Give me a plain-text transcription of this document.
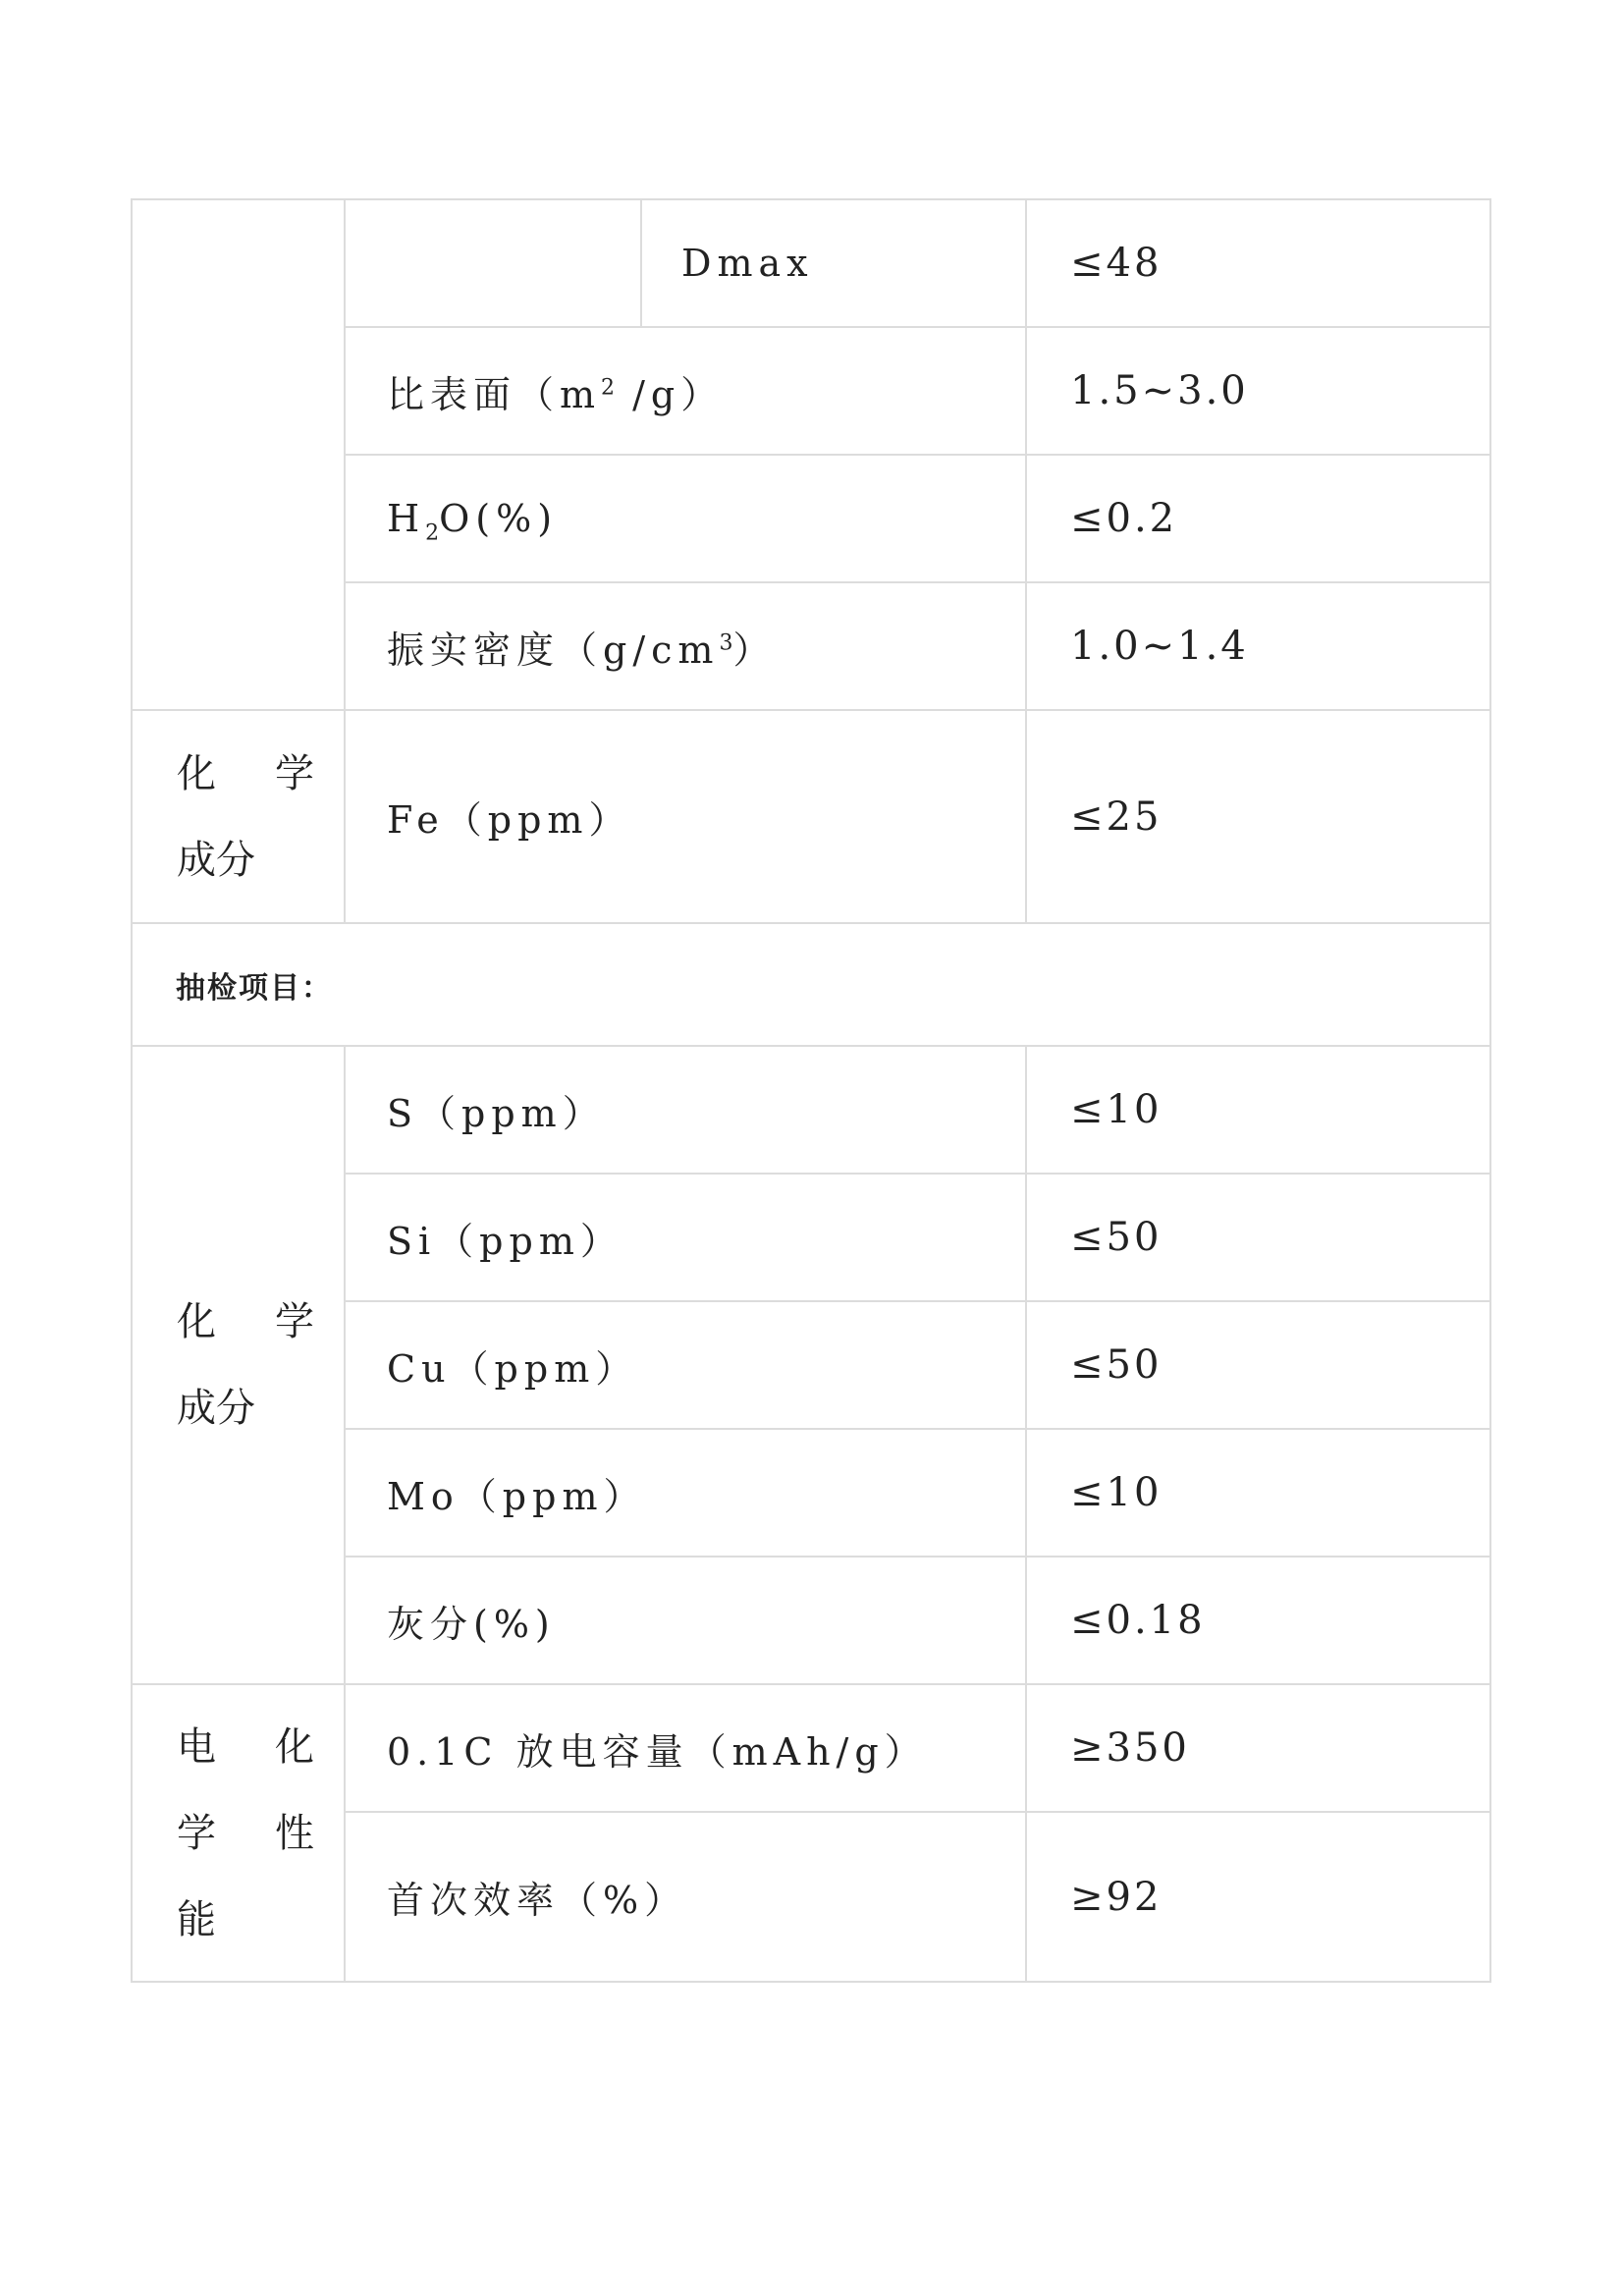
		Dmax	≤48
	比表面（$m^2$ /g）		1.5~3.0
	$H_2O(\%)$		≤0.2
	振实密度$(g/cm^3)$		1.0~1.4

化 学
成分	Fe（ppm）		≤25
抽检项目：			

化 学
成分	S（ppm）		≤10
	Si（ppm）		≤50
	Cu（ppm）		≤50
	Mo（ppm）		≤10
	灰分(%)		≤0.18

电 化
学 性
能	0.1C 放电容量（mAh/g）		≥350
	首次效率（%）		≥92
